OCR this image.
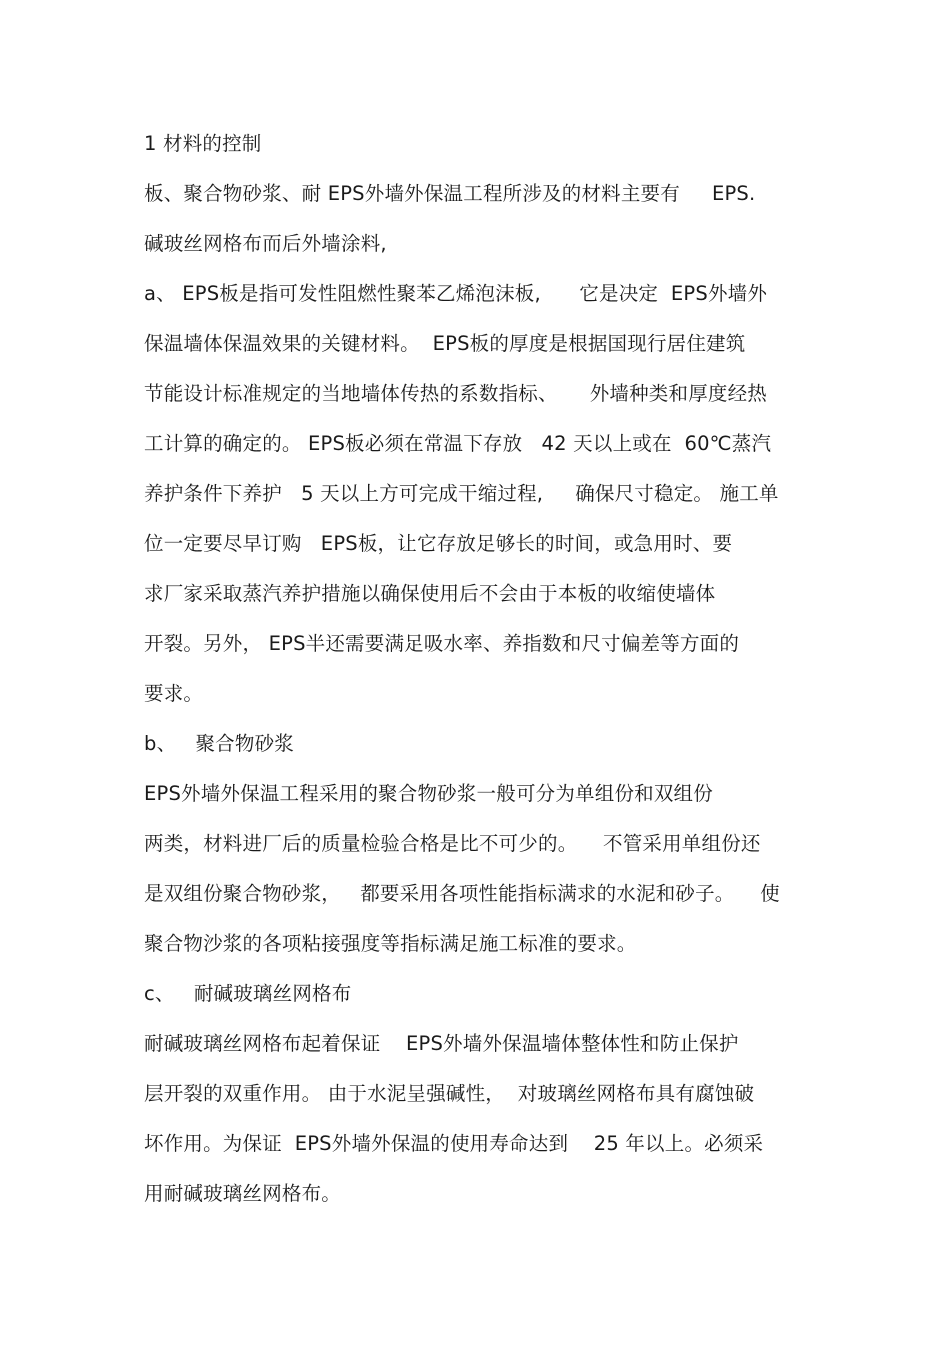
1 材料的控制
板、聚合物砂浆、耐 EPS外墙外保温工程所涉及的材料主要有     EPS.
碱玻丝网格布而后外墙涂料,
a、 EPS板是指可发性阻燃性聚苯乙烯泡沫板,      它是决定  EPS外墙外
保温墙体保温效果的关键材料。  EPS板的厚度是根据国现行居住建筑
节能设计标准规定的当地墙体传热的系数指标、     外墙种类和厚度经热
工计算的确定的。 EPS板必须在常温下存放   42 天以上或在  60℃蒸汽
养护条件下养护   5 天以上方可完成干缩过程,     确保尺寸稳定。 施工单
位一定要尽早订购   EPS板，让它存放足够长的时间，或急用时、要
求厂家采取蒸汽养护措施以确保使用后不会由于本板的收缩使墙体
开裂。另外， EPS半还需要满足吸水率、养指数和尺寸偏差等方面的
要求。
b、   聚合物砂浆
EPS外墙外保温工程采用的聚合物砂浆一般可分为单组份和双组份
两类，材料进厂后的质量检验合格是比不可少的。    不管采用单组份还
是双组份聚合物砂浆，   都要采用各项性能指标满求的水泥和砂子。    使
聚合物沙浆的各项粘接强度等指标满足施工标准的要求。
c、   耐碱玻璃丝网格布
耐碱玻璃丝网格布起着保证    EPS外墙外保温墙体整体性和防止保护
层开裂的双重作用。 由于水泥呈强碱性，  对玻璃丝网格布具有腐蚀破
坏作用。为保证  EPS外墙外保温的使用寿命达到    25 年以上。必须采
用耐碱玻璃丝网格布。
